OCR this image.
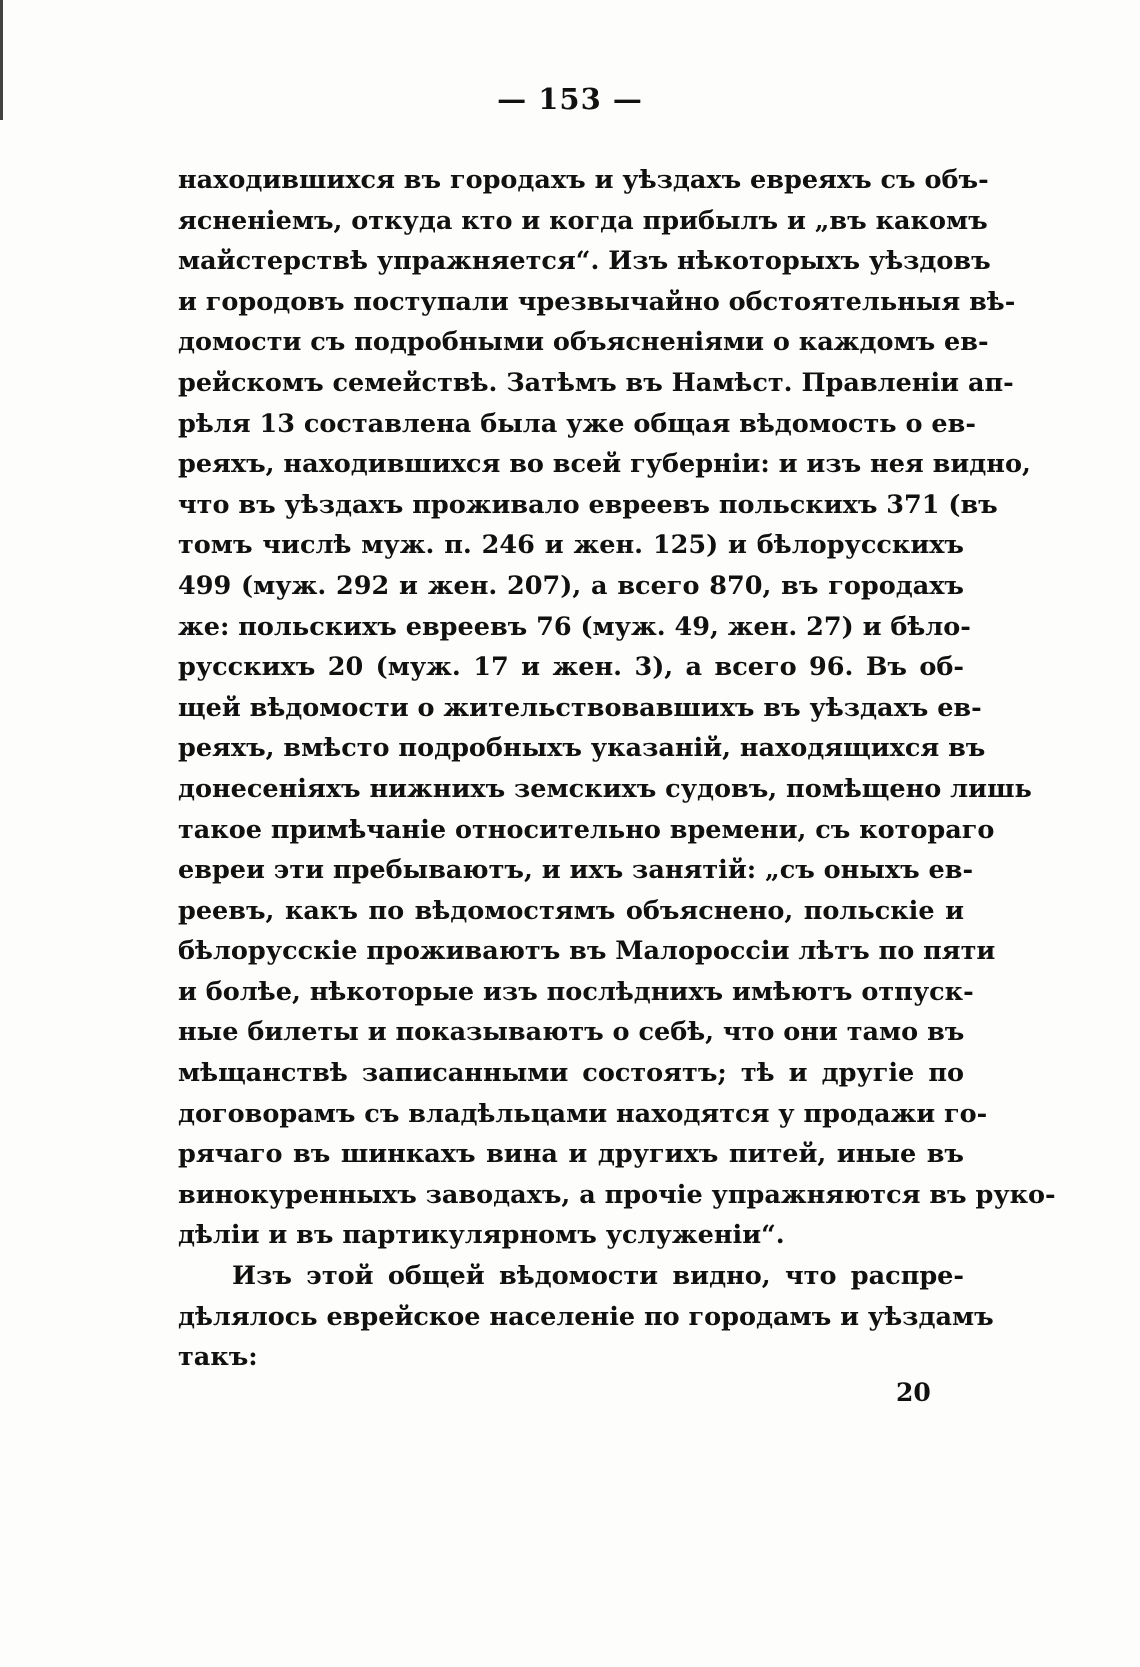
— 153 —
находившихся въ городахъ и уѣздахъ евреяхъ съ объ-
ясненіемъ, откуда кто и когда прибылъ и „въ какомъ
майстерствѣ упражняется“. Изъ нѣкоторыхъ уѣздовъ
и городовъ поступали чрезвычайно обстоятельныя вѣ-
домости съ подробными объясненіями о каждомъ ев-
рейскомъ семействѣ. Затѣмъ въ Намѣст. Правленіи ап-
рѣля 13 составлена была уже общая вѣдомость о ев-
реяхъ, находившихся во всей губерніи: и изъ нея видно,
что въ уѣздахъ проживало евреевъ польскихъ 371 (въ
томъ числѣ муж. п. 246 и жен. 125) и бѣлорусскихъ
499 (муж. 292 и жен. 207), а всего 870, въ городахъ
же: польскихъ евреевъ 76 (муж. 49, жен. 27) и бѣло-
русскихъ 20 (муж. 17 и жен. 3), а всего 96. Въ об-
щей вѣдомости о жительствовавшихъ въ уѣздахъ ев-
реяхъ, вмѣсто подробныхъ указаній, находящихся въ
донесеніяхъ нижнихъ земскихъ судовъ, помѣщено лишь
такое примѣчаніе относительно времени, съ котораго
евреи эти пребываютъ, и ихъ занятій: „съ оныхъ ев-
реевъ, какъ по вѣдомостямъ объяснено, польскіе и
бѣлорусскіе проживаютъ въ Малороссіи лѣтъ по пяти
и болѣе, нѣкоторые изъ послѣднихъ имѣютъ отпуск-
ные билеты и показываютъ о себѣ, что они тамо въ
мѣщанствѣ записанными состоятъ; тѣ и другіе по
договорамъ съ владѣльцами находятся у продажи го-
рячаго въ шинкахъ вина и другихъ питей, иные въ
винокуренныхъ заводахъ, а прочіе упражняются въ руко-
дѣліи и въ партикулярномъ услуженіи“.
Изъ этой общей вѣдомости видно, что распре-
дѣлялось еврейское населеніе по городамъ и уѣздамъ
такъ:
20
